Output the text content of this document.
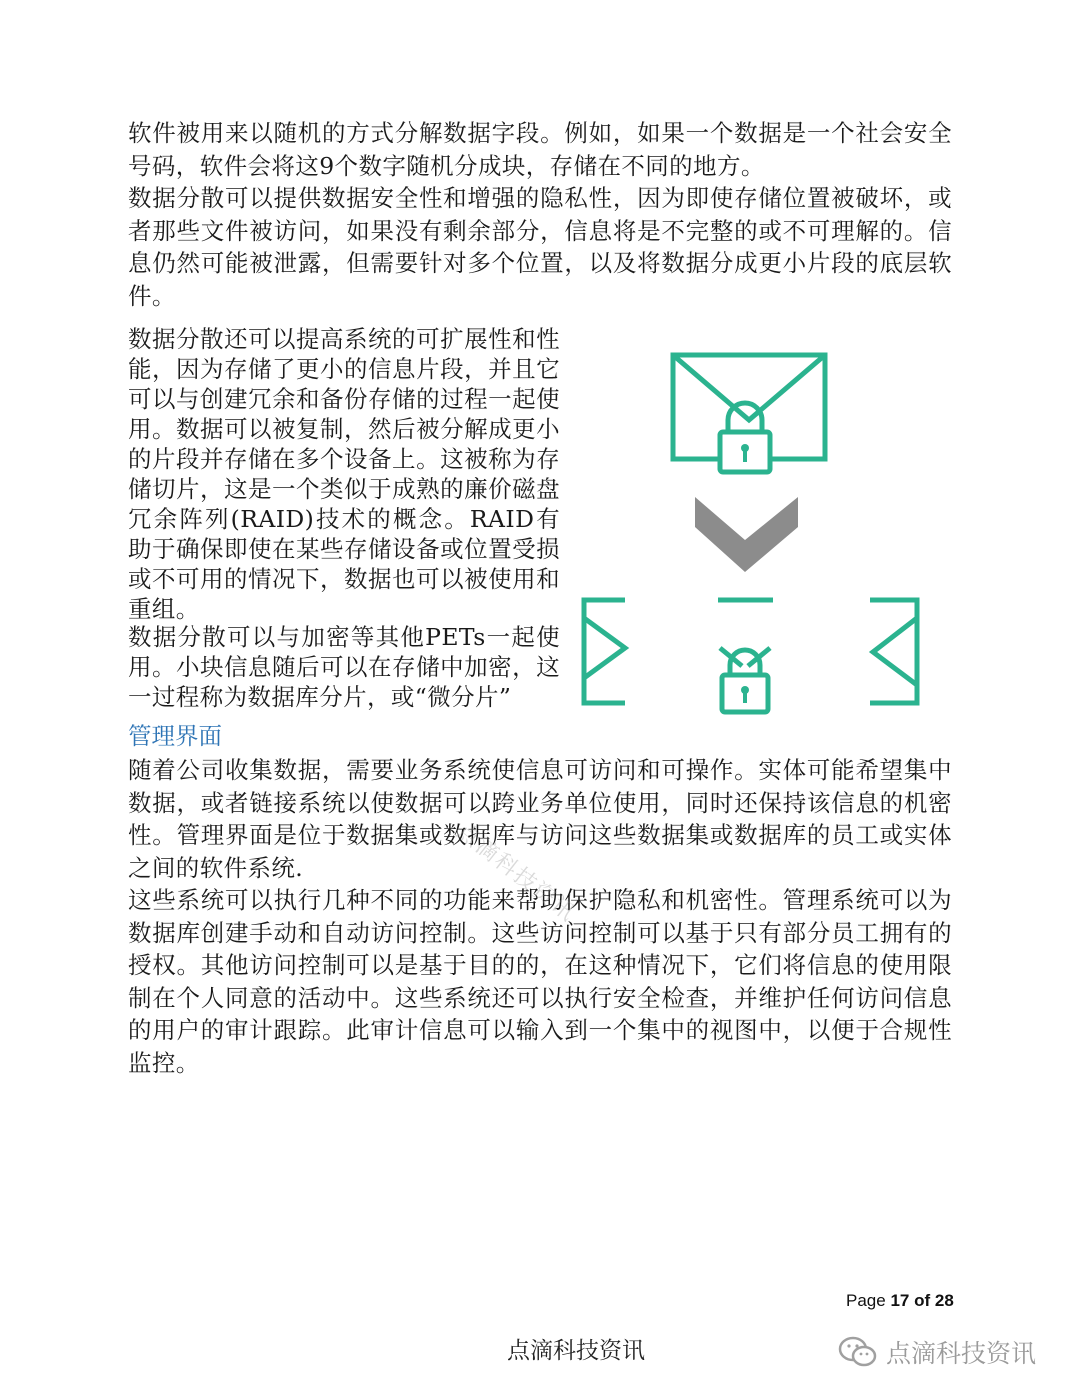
软件被用来以随机的方式分解数据字段。例如，如果一个数据是一个社会安全号码，软件会将这9个数字随机分成块，存储在不同的地方。

数据分散可以提供数据安全性和增强的隐私性，因为即使存储位置被破坏，或者那些文件被访问，如果没有剩余部分，信息将是不完整的或不可理解的。信息仍然可能被泄露，但需要针对多个位置，以及将数据分成更小片段的底层软件。

数据分散还可以提高系统的可扩展性和性能，因为存储了更小的信息片段，并且它可以与创建冗余和备份存储的过程一起使用。数据可以被复制，然后被分解成更小的片段并存储在多个设备上。这被称为存储切片，这是一个类似于成熟的廉价磁盘冗余阵列(RAID)技术的概念。RAID有助于确保即使在某些存储设备或位置受损或不可用的情况下，数据也可以被使用和重组。

数据分散可以与加密等其他PETs一起使用。小块信息随后可以在存储中加密，这一过程称为数据库分片，或“微分片”

管理界面

随着公司收集数据，需要业务系统使信息可访问和可操作。实体可能希望集中数据，或者链接系统以使数据可以跨业务单位使用，同时还保持该信息的机密性。管理界面是位于数据集或数据库与访问这些数据集或数据库的员工或实体之间的软件系统.

这些系统可以执行几种不同的功能来帮助保护隐私和机密性。管理系统可以为数据库创建手动和自动访问控制。这些访问控制可以基于只有部分员工拥有的授权。其他访问控制可以是基于目的的，在这种情况下，它们将信息的使用限制在个人同意的活动中。这些系统还可以执行安全检查，并维护任何访问信息的用户的审计跟踪。此审计信息可以输入到一个集中的视图中，以便于合规性监控。

点滴科技资讯
Page 17 of 28
点滴科技资讯	点滴科技资讯
